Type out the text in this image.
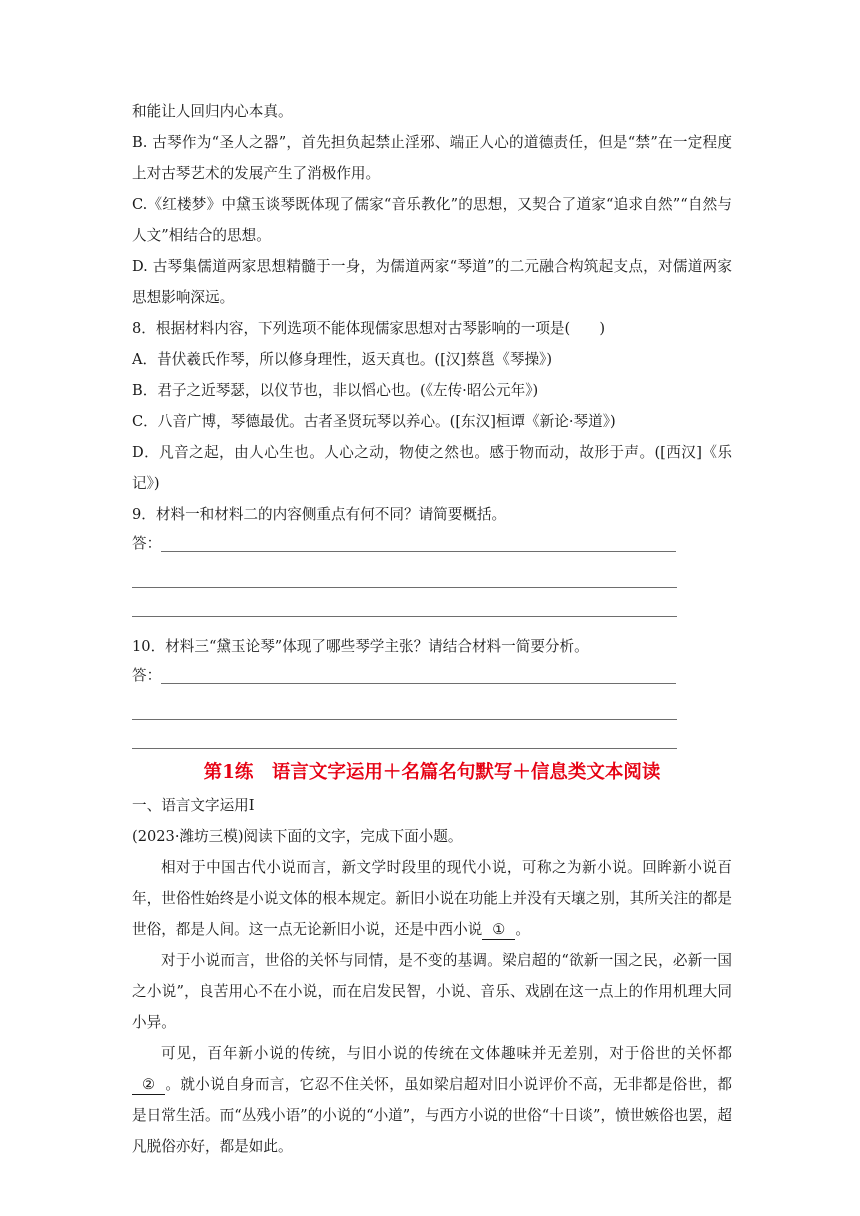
和能让人回归内心本真。
B. 古琴作为“圣人之器”，首先担负起禁止淫邪、端正人心的道德责任，但是“禁”在一定程度上对古琴艺术的发展产生了消极作用。
C.《红楼梦》中黛玉谈琴既体现了儒家“音乐教化”的思想，又契合了道家“追求自然”“自然与人文”相结合的思想。
D. 古琴集儒道两家思想精髓于一身，为儒道两家“琴道”的二元融合构筑起支点，对儒道两家思想影响深远。
8．根据材料内容，下列选项不能体现儒家思想对古琴影响的一项是(　　)
A．昔伏羲氏作琴，所以修身理性，返天真也。([汉]蔡邕《琴操》)
B．君子之近琴瑟，以仪节也，非以慆心也。(《左传·昭公元年》)
C．八音广博，琴德最优。古者圣贤玩琴以养心。([东汉]桓谭《新论·琴道》)
D．凡音之起，由人心生也。人心之动，物使之然也。感于物而动，故形于声。([西汉]《乐记》)
9．材料一和材料二的内容侧重点有何不同？请简要概括。
答：
10．材料三“黛玉论琴”体现了哪些琴学主张？请结合材料一简要分析。
答：
第1练　语言文字运用＋名篇名句默写＋信息类文本阅读
一、语言文字运用Ⅰ
(2023·潍坊三模)阅读下面的文字，完成下面小题。

相对于中国古代小说而言，新文学时段里的现代小说，可称之为新小说。回眸新小说百年，世俗性始终是小说文体的根本规定。新旧小说在功能上并没有天壤之别，其所关注的都是世俗，都是人间。这一点无论新旧小说，还是中西小说 ① 。

对于小说而言，世俗的关怀与同情，是不变的基调。梁启超的“欲新一国之民，必新一国之小说”，良苦用心不在小说，而在启发民智，小说、音乐、戏剧在这一点上的作用机理大同小异。

可见，百年新小说的传统，与旧小说的传统在文体趣味并无差别，对于俗世的关怀都② 。就小说自身而言，它忍不住关怀，虽如梁启超对旧小说评价不高，无非都是俗世，都是日常生活。而“丛残小语”的小说的“小道”，与西方小说的世俗“十日谈”，愤世嫉俗也罢，超凡脱俗亦好，都是如此。
